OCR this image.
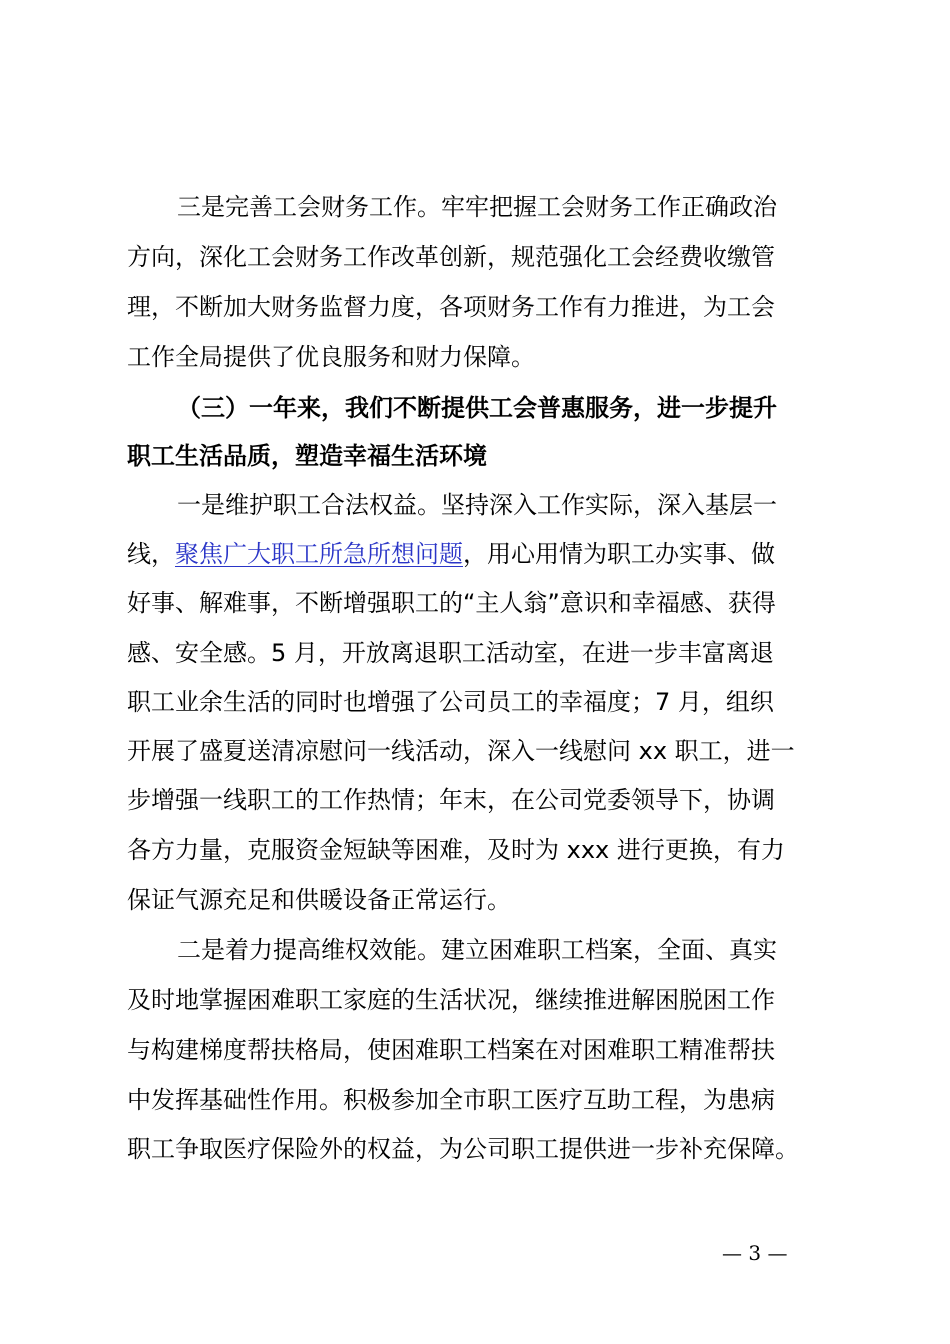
三是完善工会财务工作。牢牢把握工会财务工作正确政治
方向，深化工会财务工作改革创新，规范强化工会经费收缴管
理，不断加大财务监督力度，各项财务工作有力推进，为工会
工作全局提供了优良服务和财力保障。
（三）一年来，我们不断提供工会普惠服务，进一步提升
职工生活品质，塑造幸福生活环境
一是维护职工合法权益。坚持深入工作实际，深入基层一
线，聚焦广大职工所急所想问题，用心用情为职工办实事、做
好事、解难事，不断增强职工的“主人翁”意识和幸福感、获得
感、安全感。5 月，开放离退职工活动室，在进一步丰富离退
职工业余生活的同时也增强了公司员工的幸福度；7 月，组织
开展了盛夏送清凉慰问一线活动，深入一线慰问 xx 职工，进一
步增强一线职工的工作热情；年末，在公司党委领导下，协调
各方力量，克服资金短缺等困难，及时为 xxx 进行更换，有力
保证气源充足和供暖设备正常运行。
二是着力提高维权效能。建立困难职工档案，全面、真实
及时地掌握困难职工家庭的生活状况，继续推进解困脱困工作
与构建梯度帮扶格局，使困难职工档案在对困难职工精准帮扶
中发挥基础性作用。积极参加全市职工医疗互助工程，为患病
职工争取医疗保险外的权益，为公司职工提供进一步补充保障。
— 3 —
